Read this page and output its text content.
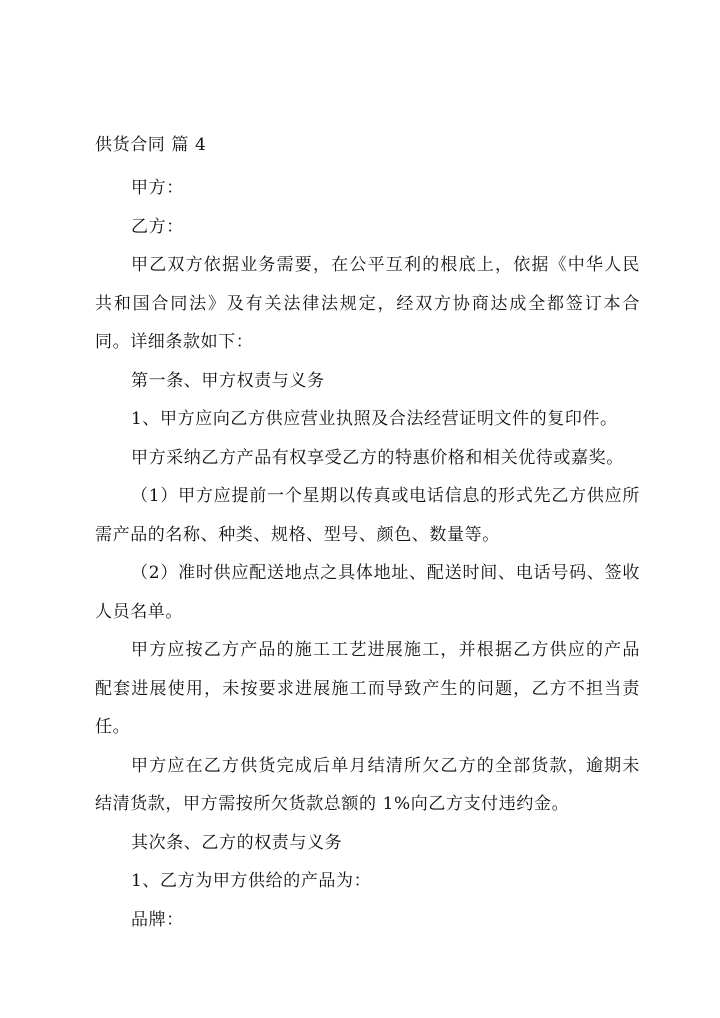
供货合同 篇 4

甲方：

乙方：

甲乙双方依据业务需要，在公平互利的根底上，依据《中华人民共和国合同法》及有关法律法规定，经双方协商达成全都签订本合同。详细条款如下：

第一条、甲方权责与义务

1、甲方应向乙方供应营业执照及合法经营证明文件的复印件。

甲方采纳乙方产品有权享受乙方的特惠价格和相关优待或嘉奖。

（1）甲方应提前一个星期以传真或电话信息的形式先乙方供应所需产品的名称、种类、规格、型号、颜色、数量等。

（2）准时供应配送地点之具体地址、配送时间、电话号码、签收人员名单。

甲方应按乙方产品的施工工艺进展施工，并根据乙方供应的产品配套进展使用，未按要求进展施工而导致产生的问题，乙方不担当责任。

甲方应在乙方供货完成后单月结清所欠乙方的全部货款，逾期未结清货款，甲方需按所欠货款总额的 1%向乙方支付违约金。

其次条、乙方的权责与义务

1、乙方为甲方供给的产品为：

品牌：
